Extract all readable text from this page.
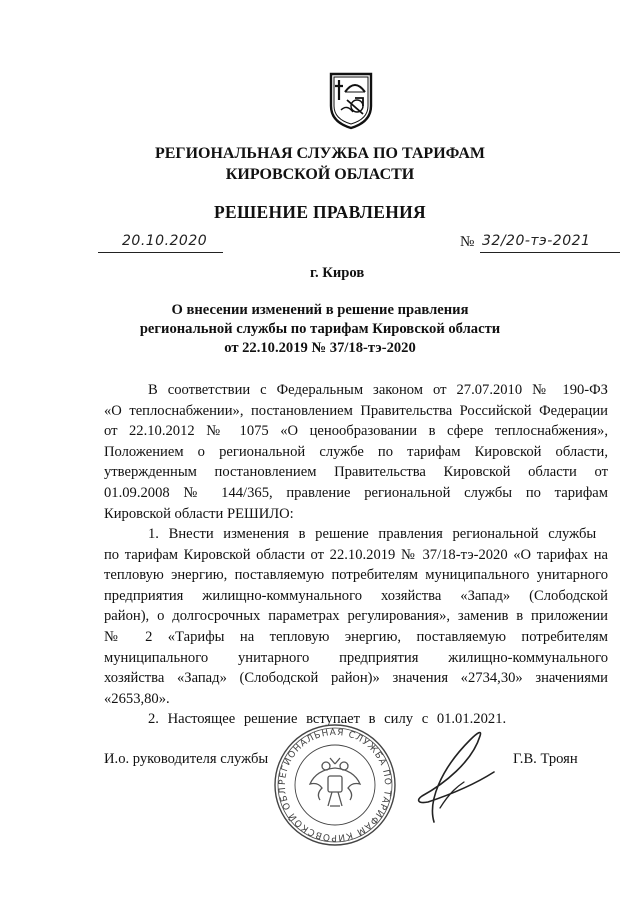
РЕГИОНАЛЬНАЯ СЛУЖБА ПО ТАРИФАМ
КИРОВСКОЙ ОБЛАСТИ
РЕШЕНИЕ ПРАВЛЕНИЯ
20.10.2020	№ 32/20-тэ-2021
г. Киров
О внесении изменений в решение правления
региональной службы по тарифам Кировской области
от 22.10.2019 № 37/18-тэ-2020
В соответствии с Федеральным законом от 27.07.2010 № 190-ФЗ
«О теплоснабжении», постановлением Правительства Российской Федерации
от 22.10.2012 № 1075 «О ценообразовании в сфере теплоснабжения»,
Положением о региональной службе по тарифам Кировской области,
утвержденным постановлением Правительства Кировской области от
01.09.2008 № 144/365, правление региональной службы по тарифам
Кировской области РЕШИЛО:
1. Внести изменения в решение правления региональной службы
по тарифам Кировской области от 22.10.2019 № 37/18-тэ-2020 «О тарифах на
тепловую энергию, поставляемую потребителям муниципального унитарного
предприятия жилищно-коммунального хозяйства «Запад» (Слободской
район), о долгосрочных параметрах регулирования», заменив в приложении
№ 2 «Тарифы на тепловую энергию, поставляемую потребителям
муниципального унитарного предприятия жилищно-коммунального
хозяйства «Запад» (Слободской район)» значения «2734,30» значениями
«2653,80».
2. Настоящее решение вступает в силу с 01.01.2021.
И.о. руководителя службы	Г.В. Троян
РЕГИОНАЛЬНАЯ СЛУЖБА ПО ТАРИФАМ КИРОВСКОЙ ОБЛ
